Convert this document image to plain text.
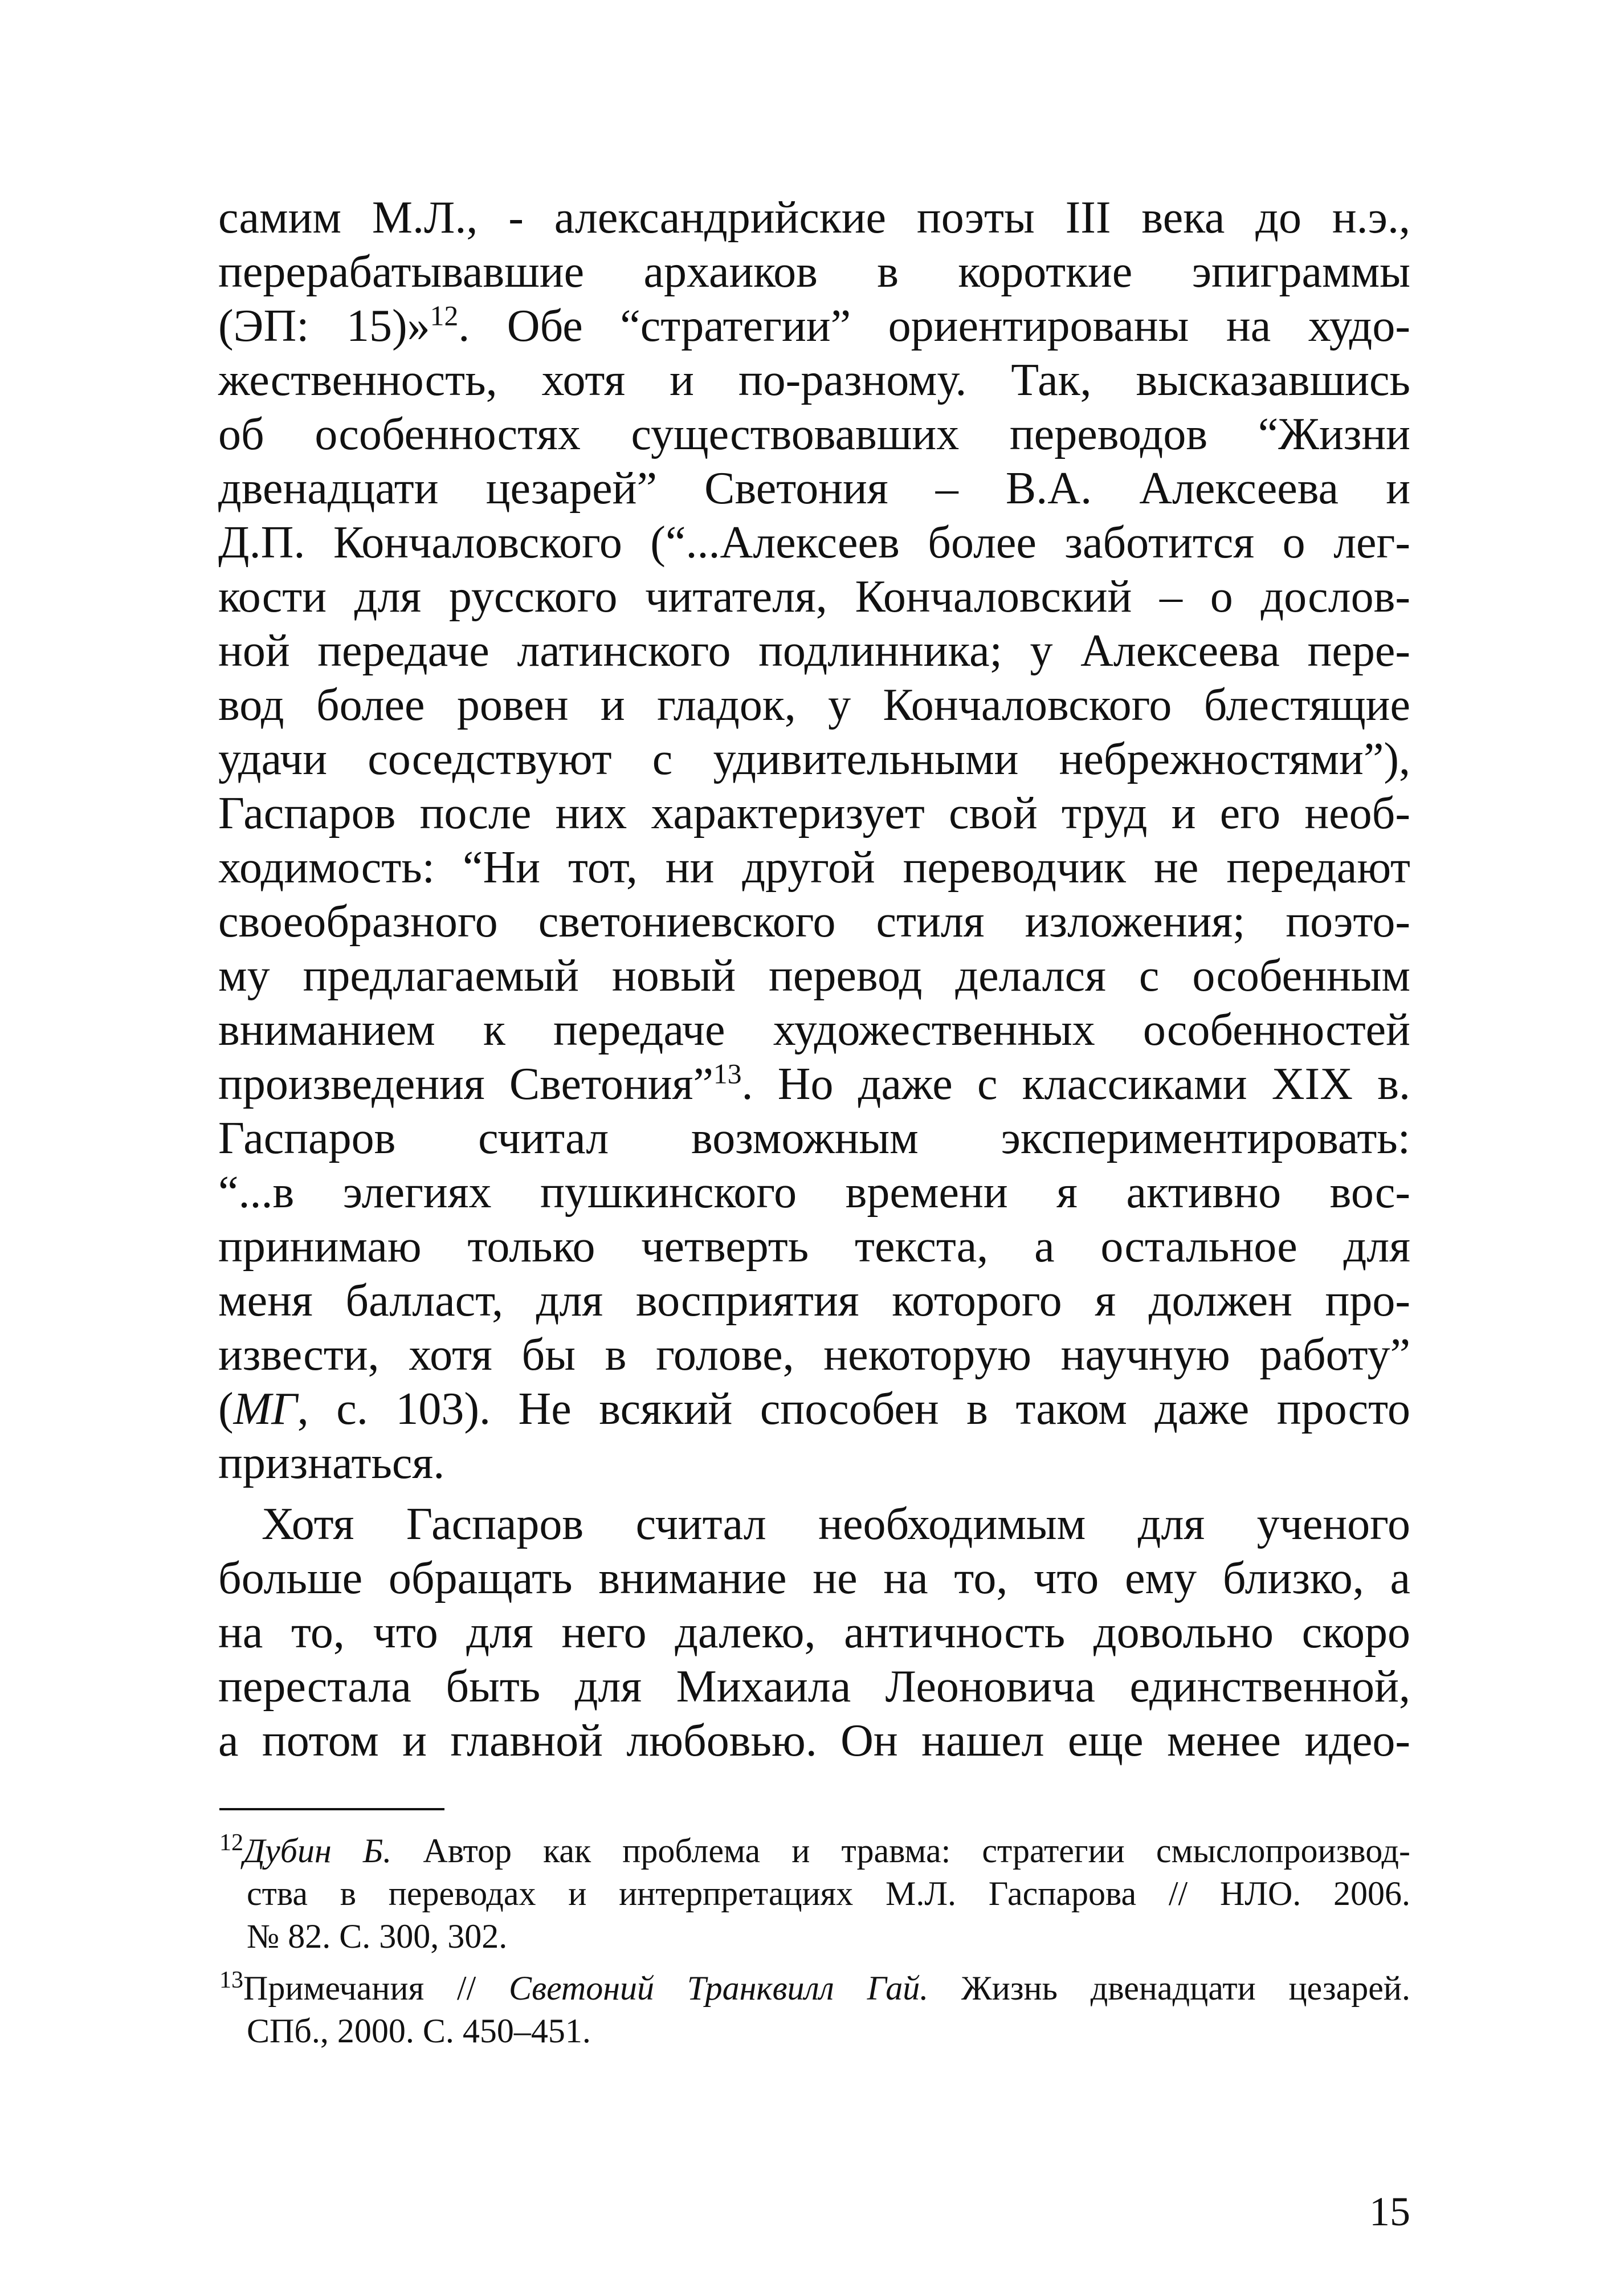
самим М.Л., - александрийские поэты III века до н.э.,
перерабатывавшие архаиков в короткие эпиграммы
(ЭП: 15)»$^{12}$. Обе “стратегии” ориентированы на худо-
жественность, хотя и по-разному. Так, высказавшись
об особенностях существовавших переводов “Жизни
двенадцати цезарей” Светония – В.А. Алексеева и
Д.П. Кончаловского (“...Алексеев более заботится о лег-
кости для русского читателя, Кончаловский – о дослов-
ной передаче латинского подлинника; у Алексеева пере-
вод более ровен и гладок, у Кончаловского блестящие
удачи соседствуют с удивительными небрежностями”),
Гаспаров после них характеризует свой труд и его необ-
ходимость: “Ни тот, ни другой переводчик не передают
своеобразного светониевского стиля изложения; поэто-
му предлагаемый новый перевод делался с особенным
вниманием к передаче художественных особенностей
произведения Светония”$^{13}$. Но даже с классиками XIX в.
Гаспаров считал возможным экспериментировать:
“...в элегиях пушкинского времени я активно вос-
принимаю только четверть текста, а остальное для
меня балласт, для восприятия которого я должен про-
извести, хотя бы в голове, некоторую научную работу”
(МГ, с. 103). Не всякий способен в таком даже просто
признаться.
Хотя Гаспаров считал необходимым для ученого
больше обращать внимание не на то, что ему близко, а
на то, что для него далеко, античность довольно скоро
перестала быть для Михаила Леоновича единственной,
а потом и главной любовью. Он нашел еще менее идео-
$^{12}$Дубин Б. Автор как проблема и травма: стратегии смыслопроизвод-
ства в переводах и интерпретациях М.Л. Гаспарова // НЛО. 2006.
№ 82. С. 300, 302.
$^{13}$Примечания // Светоний Транквилл Гай. Жизнь двенадцати цезарей.
СПб., 2000. С. 450–451.
15
